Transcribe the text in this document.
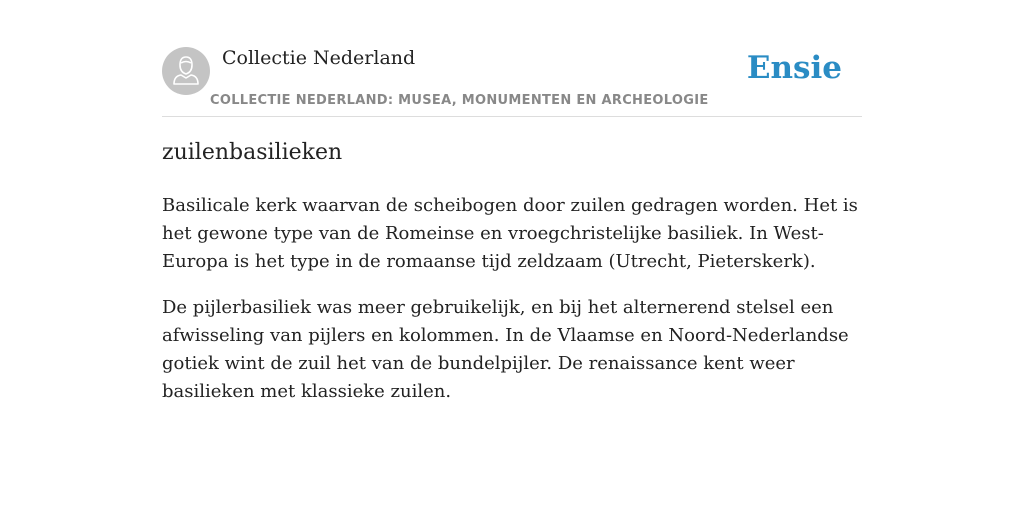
Collectie Nederland
COLLECTIE NEDERLAND: MUSEA, MONUMENTEN EN ARCHEOLOGIE
Ensie
zuilenbasilieken

Basilicale kerk waarvan de scheibogen door zuilen gedragen worden. Het is het gewone type van de Romeinse en vroegchristelijke basiliek. In West-Europa is het type in de romaanse tijd zeldzaam (Utrecht, Pieterskerk).

De pijlerbasiliek was meer gebruikelijk, en bij het alternerend stelsel een afwisseling van pijlers en kolommen. In de Vlaamse en Noord-Nederlandse gotiek wint de zuil het van de bundelpijler. De renaissance kent weer basilieken met klassieke zuilen.
